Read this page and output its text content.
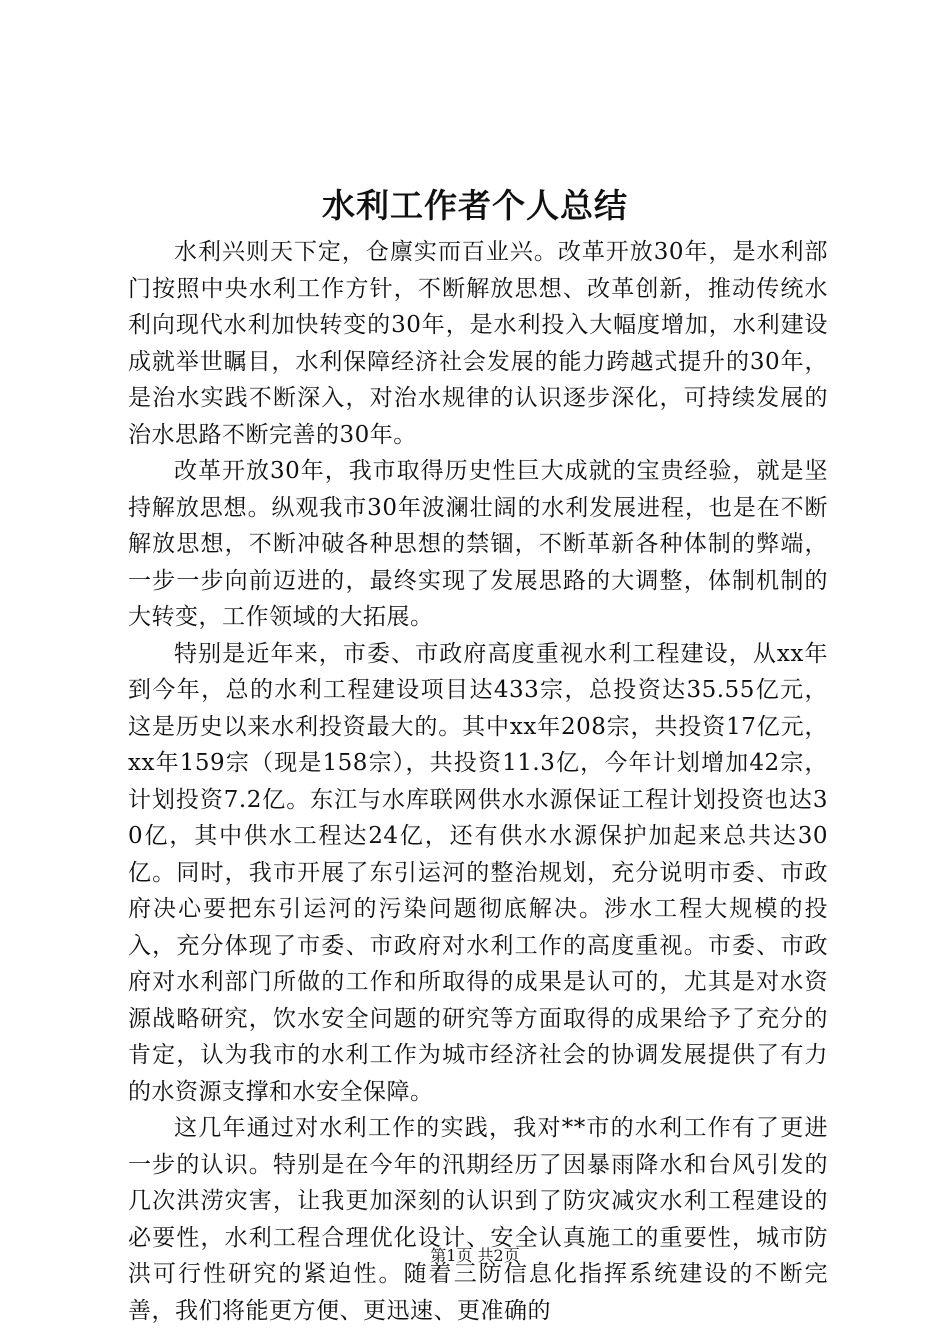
水利工作者个人总结

水利兴则天下定，仓廪实而百业兴。改革开放30年，是水利部门按照中央水利工作方针，不断解放思想、改革创新，推动传统水利向现代水利加快转变的30年，是水利投入大幅度增加，水利建设成就举世瞩目，水利保障经济社会发展的能力跨越式提升的30年，是治水实践不断深入，对治水规律的认识逐步深化，可持续发展的治水思路不断完善的30年。

改革开放30年，我市取得历史性巨大成就的宝贵经验，就是坚持解放思想。纵观我市30年波澜壮阔的水利发展进程，也是在不断解放思想，不断冲破各种思想的禁锢，不断革新各种体制的弊端，一步一步向前迈进的，最终实现了发展思路的大调整，体制机制的大转变，工作领域的大拓展。

特别是近年来，市委、市政府高度重视水利工程建设，从xx年到今年，总的水利工程建设项目达433宗，总投资达35.55亿元，这是历史以来水利投资最大的。其中xx年208宗，共投资17亿元，xx年159宗（现是158宗），共投资11.3亿，今年计划增加42宗，计划投资7.2亿。东江与水库联网供水水源保证工程计划投资也达30亿，其中供水工程达24亿，还有供水水源保护加起来总共达30亿。同时，我市开展了东引运河的整治规划，充分说明市委、市政府决心要把东引运河的污染问题彻底解决。涉水工程大规模的投入，充分体现了市委、市政府对水利工作的高度重视。市委、市政府对水利部门所做的工作和所取得的成果是认可的，尤其是对水资源战略研究，饮水安全问题的研究等方面取得的成果给予了充分的肯定，认为我市的水利工作为城市经济社会的协调发展提供了有力的水资源支撑和水安全保障。

这几年通过对水利工作的实践，我对**市的水利工作有了更进一步的认识。特别是在今年的汛期经历了因暴雨降水和台风引发的几次洪涝灾害，让我更加深刻的认识到了防灾减灾水利工程建设的必要性，水利工程合理优化设计、安全认真施工的重要性，城市防洪可行性研究的紧迫性。随着三防信息化指挥系统建设的不断完善，我们将能更方便、更迅速、更准确的

第1页 共2页
